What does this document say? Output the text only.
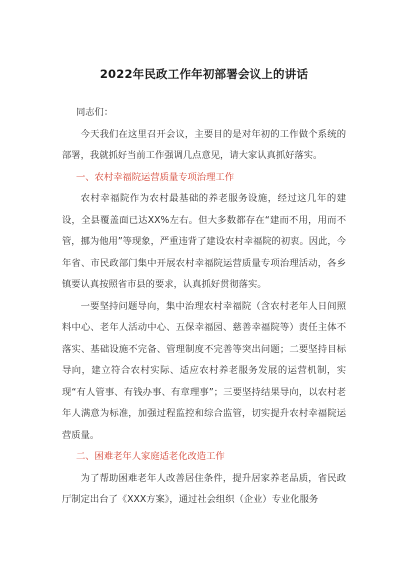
2022年民政工作年初部署会议上的讲话

同志们：

今天我们在这里召开会议，主要目的是对年初的工作做个系统的部署，我就抓好当前工作强调几点意见，请大家认真抓好落实。

一、农村幸福院运营质量专项治理工作

农村幸福院作为农村最基础的养老服务设施，经过这几年的建设，全县覆盖面已达XX%左右。但大多数都存在“建而不用，用而不管，挪为他用”等现象，严重违背了建设农村幸福院的初衷。因此，今年省、市民政部门集中开展农村幸福院运营质量专项治理活动，各乡镇要认真按照省市县的要求，认真抓好贯彻落实。

一要坚持问题导向，集中治理农村幸福院（含农村老年人日间照料中心、老年人活动中心、五保幸福园、慈善幸福院等）责任主体不落实、基础设施不完备、管理制度不完善等突出问题；二要坚持目标导向，建立符合农村实际、适应农村养老服务发展的运营机制，实现“有人管事、有钱办事、有章理事”；三要坚持结果导向，以农村老年人满意为标准，加强过程监控和综合监管，切实提升农村幸福院运营质量。

二、困难老年人家庭适老化改造工作

为了帮助困难老年人改善居住条件，提升居家养老品质，省民政厅制定出台了《XXX方案》，通过社会组织（企业）专业化服务
